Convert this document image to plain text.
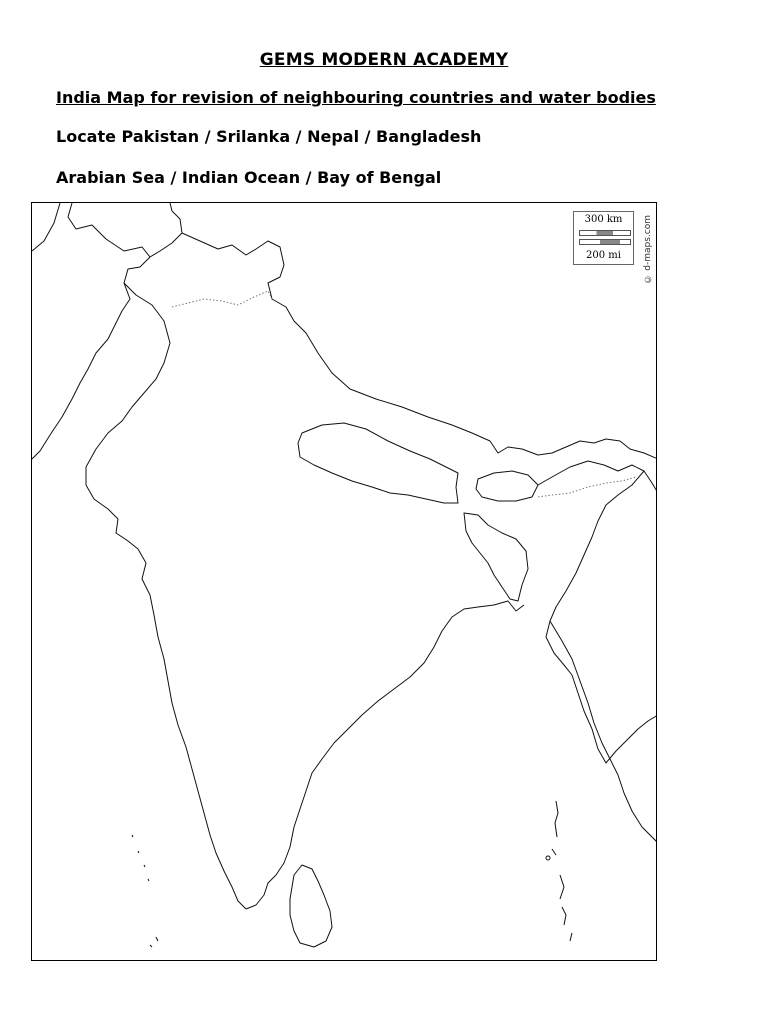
GEMS MODERN ACADEMY
India Map for revision of neighbouring countries and water bodies
Locate Pakistan / Srilanka / Nepal / Bangladesh
Arabian Sea / Indian Ocean / Bay of Bengal
300 km
200 mi	© d-maps.com
